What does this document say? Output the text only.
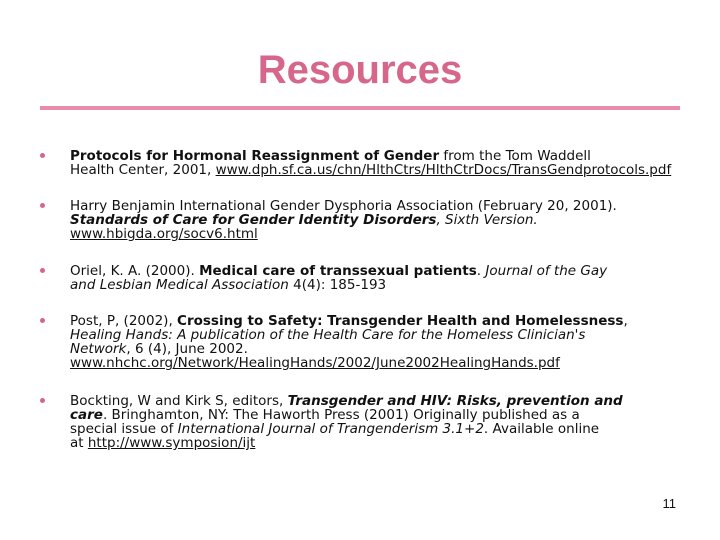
Resources
Protocols for Hormonal Reassignment of Gender from the Tom Waddell
Health Center, 2001, www.dph.sf.ca.us/chn/HlthCtrs/HlthCtrDocs/TransGendprotocols.pdf
Harry Benjamin International Gender Dysphoria Association (February 20, 2001).
Standards of Care for Gender Identity Disorders, Sixth Version.
www.hbigda.org/socv6.html
Oriel, K. A. (2000). Medical care of transsexual patients. Journal of the Gay
and Lesbian Medical Association 4(4): 185-193
Post, P, (2002), Crossing to Safety: Transgender Health and Homelessness,
Healing Hands: A publication of the Health Care for the Homeless Clinician's
Network, 6 (4), June 2002.
www.nhchc.org/Network/HealingHands/2002/June2002HealingHands.pdf
Bockting, W and Kirk S, editors, Transgender and HIV: Risks, prevention and
care. Bringhamton, NY: The Haworth Press (2001) Originally published as a
special issue of International Journal of Trangenderism 3.1+2. Available online
at http://www.symposion/ijt
11
